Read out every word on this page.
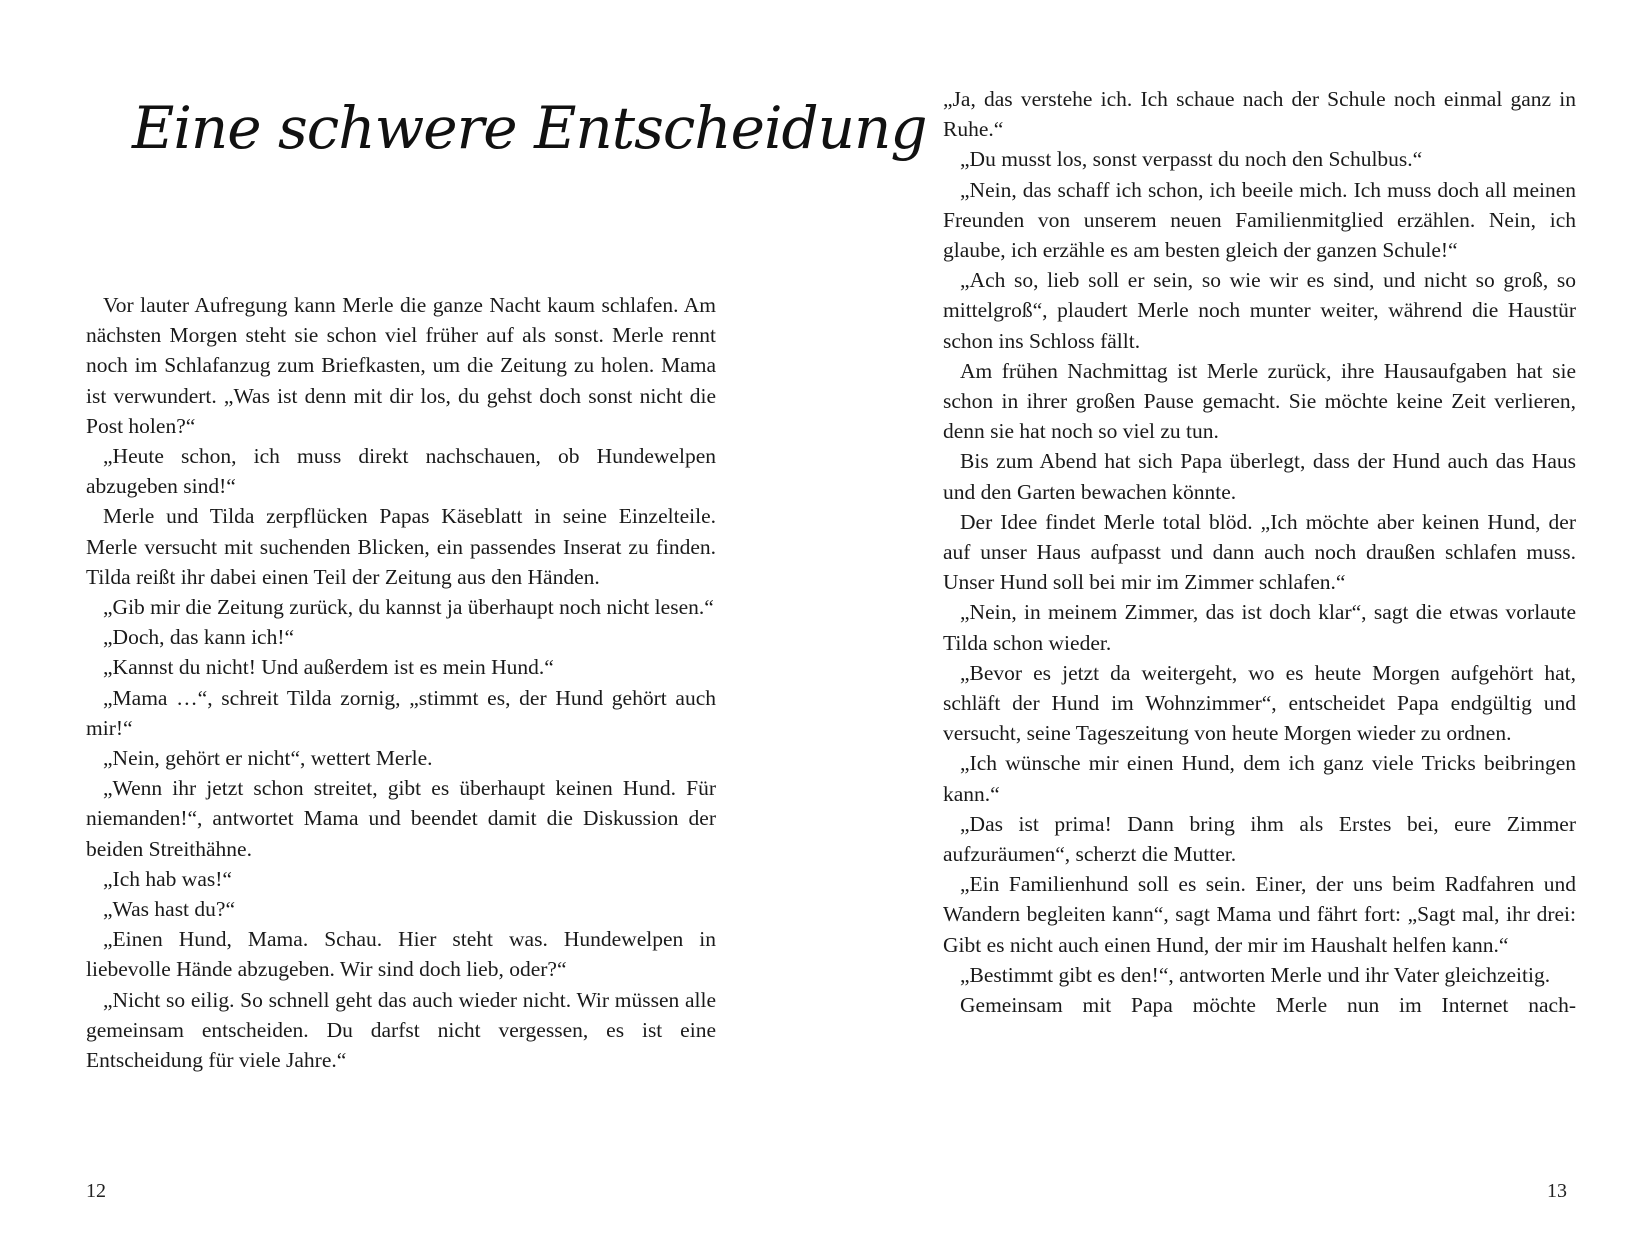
Eine schwere Entscheidung

Vor lauter Aufregung kann Merle die ganze Nacht kaum schlafen. Am nächsten Morgen steht sie schon viel früher auf als sonst. Merle rennt noch im Schlafanzug zum Briefkasten, um die Zeitung zu holen. Mama ist verwundert. „Was ist denn mit dir los, du gehst doch sonst nicht die Post holen?“

„Heute schon, ich muss direkt nachschauen, ob Hundewelpen abzugeben sind!“

Merle und Tilda zerpflücken Papas Käseblatt in seine Einzelteile. Merle versucht mit suchenden Blicken, ein passendes Inserat zu finden. Tilda reißt ihr dabei einen Teil der Zeitung aus den Händen.

„Gib mir die Zeitung zurück, du kannst ja überhaupt noch nicht lesen.“

„Doch, das kann ich!“

„Kannst du nicht! Und außerdem ist es mein Hund.“

„Mama …“, schreit Tilda zornig, „stimmt es, der Hund gehört auch mir!“

„Nein, gehört er nicht“, wettert Merle.

„Wenn ihr jetzt schon streitet, gibt es überhaupt keinen Hund. Für niemanden!“, antwortet Mama und beendet damit die Diskussion der beiden Streithähne.

„Ich hab was!“

„Was hast du?“

„Einen Hund, Mama. Schau. Hier steht was. Hundewelpen in liebevolle Hände abzugeben. Wir sind doch lieb, oder?“

„Nicht so eilig. So schnell geht das auch wieder nicht. Wir müssen alle gemeinsam entscheiden. Du darfst nicht vergessen, es ist eine Entscheidung für viele Jahre.“

12

„Ja, das verstehe ich. Ich schaue nach der Schule noch einmal ganz in Ruhe.“

„Du musst los, sonst verpasst du noch den Schulbus.“

„Nein, das schaff ich schon, ich beeile mich. Ich muss doch all meinen Freunden von unserem neuen Familienmitglied erzählen. Nein, ich glaube, ich erzähle es am besten gleich der ganzen Schule!“

„Ach so, lieb soll er sein, so wie wir es sind, und nicht so groß, so mittelgroß“, plaudert Merle noch munter weiter, während die Haustür schon ins Schloss fällt.

Am frühen Nachmittag ist Merle zurück, ihre Hausaufgaben hat sie schon in ihrer großen Pause gemacht. Sie möchte keine Zeit verlieren, denn sie hat noch so viel zu tun.

Bis zum Abend hat sich Papa überlegt, dass der Hund auch das Haus und den Garten bewachen könnte.

Der Idee findet Merle total blöd. „Ich möchte aber keinen Hund, der auf unser Haus aufpasst und dann auch noch draußen schlafen muss. Unser Hund soll bei mir im Zimmer schlafen.“

„Nein, in meinem Zimmer, das ist doch klar“, sagt die etwas vorlaute Tilda schon wieder.

„Bevor es jetzt da weitergeht, wo es heute Morgen aufgehört hat, schläft der Hund im Wohnzimmer“, entscheidet Papa endgültig und versucht, seine Tageszeitung von heute Morgen wieder zu ordnen.

„Ich wünsche mir einen Hund, dem ich ganz viele Tricks beibringen kann.“

„Das ist prima! Dann bring ihm als Erstes bei, eure Zimmer aufzuräumen“, scherzt die Mutter.

„Ein Familienhund soll es sein. Einer, der uns beim Radfahren und Wandern begleiten kann“, sagt Mama und fährt fort: „Sagt mal, ihr drei: Gibt es nicht auch einen Hund, der mir im Haushalt helfen kann.“

„Bestimmt gibt es den!“, antworten Merle und ihr Vater gleichzeitig.

Gemeinsam mit Papa möchte Merle nun im Internet nach-

13
